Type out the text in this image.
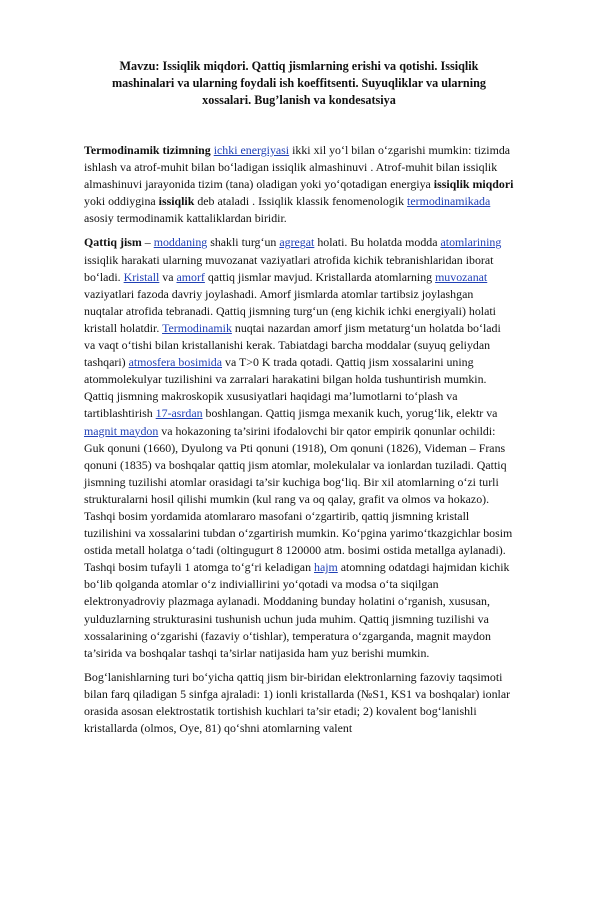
Mavzu: Issiqlik miqdori. Qattiq jismlarning erishi va qotishi. Issiqlik mashinalari va ularning foydali ish koeffitsenti. Suyuqliklar va ularning xossalari. Bug’lanish va kondesatsiya

Termodinamik tizimning ichki energiyasi ikki xil yo‘l bilan o‘zgarishi mumkin: tizimda ishlash va atrof-muhit bilan bo‘ladigan issiqlik almashinuvi . Atrof-muhit bilan issiqlik almashinuvi jarayonida tizim (tana) oladigan yoki yo‘qotadigan energiya issiqlik miqdori yoki oddiygina issiqlik deb ataladi . Issiqlik klassik fenomenologik termodinamikada asosiy termodinamik kattaliklardan biridir.

Qattiq jism – moddaning shakli turg‘un agregat holati. Bu holatda modda atomlarining issiqlik harakati ularning muvozanat vaziyatlari atrofida kichik tebranishlaridan iborat bo‘ladi. Kristall va amorf qattiq jismlar mavjud. Kristallarda atomlarning muvozanat vaziyatlari fazoda davriy joylashadi. Amorf jismlarda atomlar tartibsiz joylashgan nuqtalar atrofida tebranadi. Qattiq jismning turg‘un (eng kichik ichki energiyali) holati kristall holatdir. Termodinamik nuqtai nazardan amorf jism metaturg‘un holatda bo‘ladi va vaqt o‘tishi bilan kristallanishi kerak. Tabiatdagi barcha moddalar (suyuq geliydan tashqari) atmosfera bosimida va T>0 K trada qotadi. Qattiq jism xossalarini uning atommolekulyar tuzilishini va zarralari harakatini bilgan holda tushuntirish mumkin. Qattiq jismning makroskopik xususiyatlari haqidagi ma’lumotlarni to‘plash va tartiblashtirish 17-asrdan boshlangan. Qattiq jismga mexanik kuch, yorug‘lik, elektr va magnit maydon va hokazoning ta’sirini ifodalovchi bir qator empirik qonunlar ochildi: Guk qonuni (1660), Dyulong va Pti qonuni (1918), Om qonuni (1826), Videman – Frans qonuni (1835) va boshqalar qattiq jism atomlar, molekulalar va ionlardan tuziladi. Qattiq jismning tuzilishi atomlar orasidagi ta’sir kuchiga bog‘liq. Bir xil atomlarning o‘zi turli strukturalarni hosil qilishi mumkin (kul rang va oq qalay, grafit va olmos va hokazo). Tashqi bosim yordamida atomlararo masofani o‘zgartirib, qattiq jismning kristall tuzilishini va xossalarini tubdan o‘zgartirish mumkin. Ko‘pgina yarimo‘tkazgichlar bosim ostida metall holatga o‘tadi (oltingugurt 8 120000 atm. bosimi ostida metallga aylanadi). Tashqi bosim tufayli 1 atomga to‘g‘ri keladigan hajm atomning odatdagi hajmidan kichik bo‘lib qolganda atomlar o‘z indiviallігini yo‘qotadi va modsa o‘ta siqilgan elektronyadroviy plazmaga aylanadi. Moddaning bunday holatini o‘rganish, xususan, yulduzlarning strukturasini tushunish uchun juda muhim. Qattiq jismning tuzilishi va xossalarining o‘zgarishi (fazaviy o‘tishlar), temperatura o‘zgarganda, magnit maydon ta’sirida va boshqalar tashqi ta’sirlar natijasida ham yuz berishi mumkin.

Bog‘lanishlarning turi bo‘yicha qattiq jism bir-biridan elektronlarning fazoviy taqsimoti bilan farq qiladigan 5 sinfga ajraladi: 1) ionli kristallarda (№S1, KS1 va boshqalar) ionlar orasida asosan elektrostatik tortishish kuchlari ta’sir etadi; 2) kovalent bog‘lanishli kristallarda (olmos, Oye, 81) qo‘shni atomlarning valent
